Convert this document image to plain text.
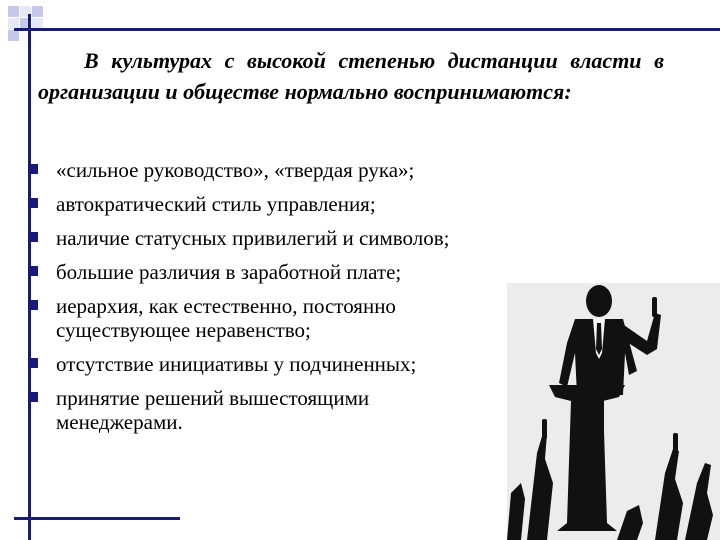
В культурах с высокой степенью дистанции власти в организации и обществе нормально воспринимаются:
«сильное руководство», «твердая рука»;
автократический стиль управления;
наличие статусных привилегий и символов;
большие различия в заработной плате;
иерархия, как естественно, постоянно существующее неравенство;
отсутствие инициативы у подчиненных;
принятие решений вышестоящими менеджерами.
